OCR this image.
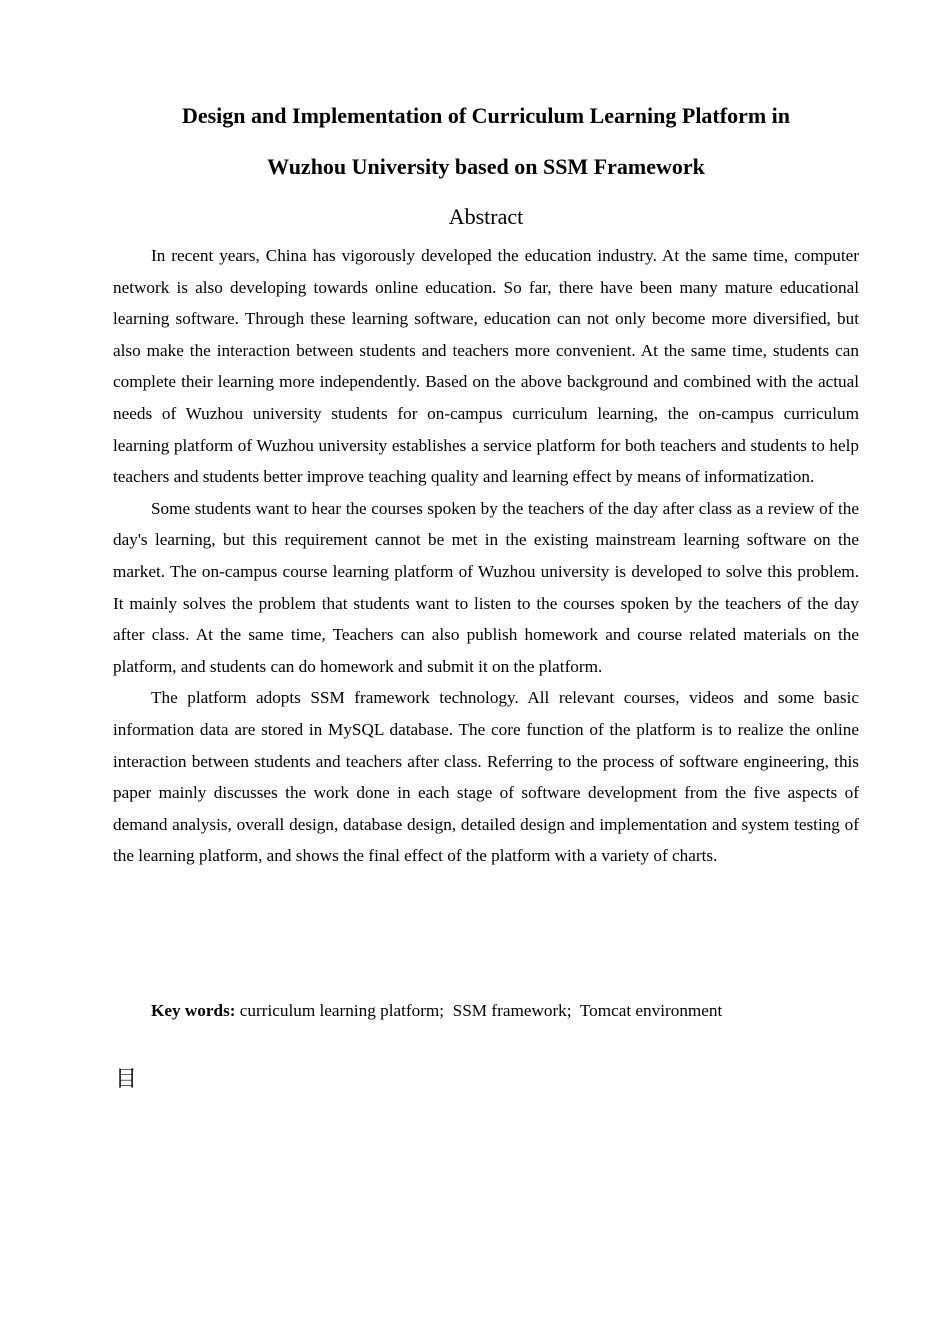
Design and Implementation of Curriculum Learning Platform in
Wuzhou University based on SSM Framework
Abstract

In recent years, China has vigorously developed the education industry. At the same time, computer network is also developing towards online education. So far, there have been many mature educational learning software. Through these learning software, education can not only become more diversified, but also make the interaction between students and teachers more convenient. At the same time, students can complete their learning more independently. Based on the above background and combined with the actual needs of Wuzhou university students for on-campus curriculum learning, the on-campus curriculum learning platform of Wuzhou university establishes a service platform for both teachers and students to help teachers and students better improve teaching quality and learning effect by means of informatization.

Some students want to hear the courses spoken by the teachers of the day after class as a review of the day's learning, but this requirement cannot be met in the existing mainstream learning software on the market. The on-campus course learning platform of Wuzhou university is developed to solve this problem. It mainly solves the problem that students want to listen to the courses spoken by the teachers of the day after class. At the same time, Teachers can also publish homework and course related materials on the platform, and students can do homework and submit it on the platform.

The platform adopts SSM framework technology. All relevant courses, videos and some basic information data are stored in MySQL database. The core function of the platform is to realize the online interaction between students and teachers after class. Referring to the process of software engineering, this paper mainly discusses the work done in each stage of software development from the five aspects of demand analysis, overall design, database design, detailed design and implementation and system testing of the learning platform, and shows the final effect of the platform with a variety of charts.

Key words: curriculum learning platform; SSM framework; Tomcat environment

目
